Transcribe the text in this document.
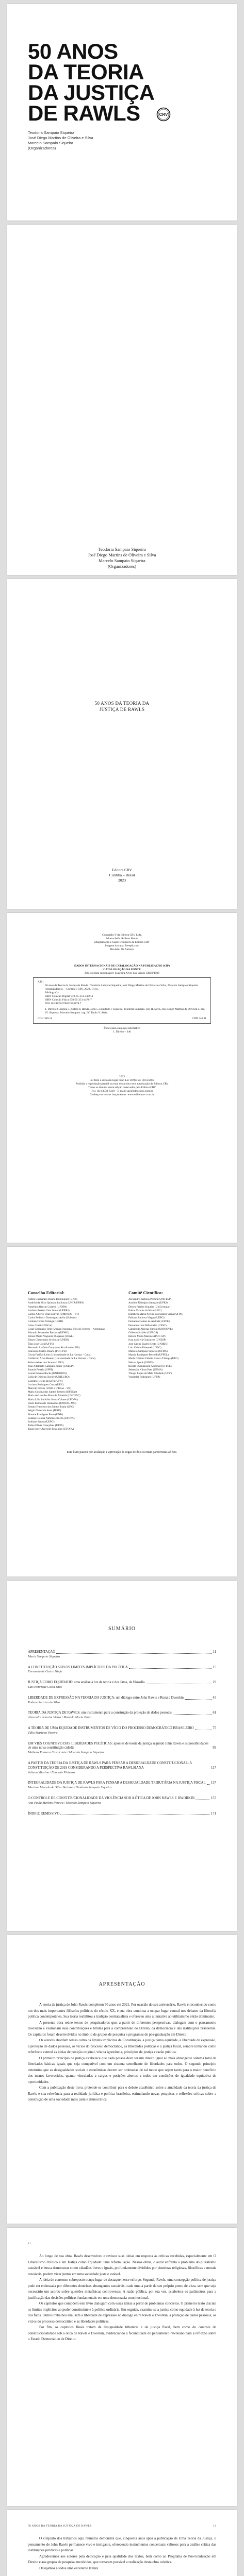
50 ANOS
DA TEORIA
DA JUSTIÇA
DE RAWLS	CRV
Teodoria Sampaio Siqueira
José Diego Martins de Oliveira e Silva
Marcelo Sampaio Siqueira
(Organizadores)
Teodoria Sampaio Siqueira
José Diego Martins de Oliveira e Silva
Marcelo Sampaio Siqueira
(Organizadores)
50 ANOS DA TEORIA DA
JUSTIÇA DE RAWLS
Editora CRV
Curitiba – Brasil
2023
Copyright © da Editora CRV Ltda.
Editor-chefe: Railson Moura
Diagramação e Capa: Designers da Editora CRV
Imagem da capa: Freepik.com
Revisão: Os Autores
DADOS INTERNACIONAIS DE CATALOGAÇÃO NA PUBLICAÇÃO (CIP)
CATALOGAÇÃO NA FONTE
Bibliotecária responsável: Luzenira Alves dos Santos CRB9/1506
A111
50 anos da Teoria da Justiça de Rawls / Teodoria Sampaio Siqueira, José Diego Martins de Oliveira e Silva, Marcelo Sampaio Siqueira (organizadores). – Curitiba : CRV, 2023. 174 p.
Bibliografia
ISBN Coleção Digital 978-65-251-4479-4
ISBN Coleção Física 978-65-251-4478-7
DOI 10.24824/978652514478.7
1. Direito 2. Justiça 3. Justiça 4. Rawls, John 5. Equidade I. Siqueira, Teodoria Sampaio. org. II. Silva, José Diego Martins de Oliveira e. org. III. Siqueira, Marcelo Sampaio. org. IV. Título V. Série.
CDU 340.11	CDD 340.11
Índice para catálogo sistemático
1. Direito – 340
2023
Foi feito o depósito legal conf. Lei 10.994 de 14/12/2004
Proibida a reprodução parcial ou total desta obra sem autorização da Editora CRV
Todos os direitos desta edição reservados pela Editora CRV
Tel.: (41) 3039-6418 – E-mail: sac@editoracrv.com.br
Conheça os nossos lançamentos: www.editoracrv.com.br
Conselho Editorial:
Aldira Guimarães Duarte Domínguez (UNB)
Andréia da Silva Quintanilha Sousa (UNIR/UFRN)
Anselmo Alencar Colares (UFOPA)
Antônio Pereira Gaio Júnior (UFRRJ)
Carlos Alberto Vilar Estêvão (UMINHO – PT)
Carlos Federico Dominguez Avila (Unieuro)
Carmen Tereza Velanga (UNIR)
Celso Conti (UFSCar)
Cesar Gerónimo Tello (Univer. Nacional Três de Febrero – Argentina)
Eduardo Fernandes Barbosa (UFMG)
Elione Maria Nogueira Diogenes (UFAL)
Elizeu Clementino de Souza (UNEB)
Élsio José Corá (UFFS)
Fernando Antônio Gonçalves Alcoforado (IPB)
Francisco Carlos Duarte (PUC-PR)
Gloria Fariñas León (Universidade de La Havana – Cuba)
Guillermo Arias Beatón (Universidade de La Havana – Cuba)
Jailson Alves dos Santos (UFRJ)
João Adalberto Campato Junior (UNESP)
Josania Portela (UFPI)
Leonel Severo Rocha (UNISINOS)
Lídia de Oliveira Xavier (UNIEURO)
Lourdes Helena da Silva (UFV)
Luciano Rodrigues Costa (UFV)
Marcelo Paixão (UFRJ e UTexas – US)
Maria Cristina dos Santos Bezerra (UFSCar)
Maria de Lourdes Pinto de Almeida (UNOESC)
Maria Lília Imbiriba Sousa Colares (UFOPA)
Paulo Romualdo Hernandes (UNIFAL-MG)
Renato Francisco dos Santos Paula (UFG)
Sérgio Nunes de Jesus (IFRO)
Simone Rodrigues Pinto (UNB)
Solange Helena Ximenes-Rocha (UFOPA)
Sydione Santos (UEPG)
Tadeu Oliver Gonçalves (UFPA)
Tania Suely Azevedo Brasileiro (UFOPA)
Comitê Científico:
Alexandre Barbosa Pereira (UNIFESP)
Antônio Ubirajara Sampaio (UFRJ)
Dirceu Pereira Siqueira (UniCesumar)
Edson Vicente da Silva (UFC)
Elizabeth Maria Pereira dos Santos Viana (UFPR)
Fabiana Barbosa Viegas (UEPG)
Fernando Gomes de Andrade (UFPE)
Fernando Luiz Hillesheim (UFSC)
Gabriel de Alencar Simoni (UNINOVE)
Gilberto Schäfer (UFRGS)
Helena Maria Marques (PUC-SP)
Ivan da Silva Gonçalves (UNESP)
José Carlos Soares Bento (UNIRIO)
Luiz Otávio Pimentel (UFSC)
Marcelo Sampaio Siqueira (UFMS)
Marcia Rodrigues Bertoldi (UFPEL)
Maria Cristina Vidotte Blanco Tárrega (UFG)
Nelson Speck (UFMS)
Renata Ovenhausen Albernaz (UFPEL)
Sebastião Nilton Paes (UFMA)
Thiago Lopes de Melo Trindade (UFV)
Vanderlei Rodrigues (UFPR)
Este livro passou por avaliação e aprovação às cegas de dois ou mais pareceristas ad hoc.
SUMÁRIO
APRESENTAÇÃO	11
Maria Sampaio Siqueira
A CONSTITUIÇÃO SOB OS LIMITES IMPLÍCITOS DA POLÍTICA	15
Fernanda de Castro Ninfo
JUSTIÇA COMO EQUIDADE: uma análise à luz da teoria e dos fatos, da filosofia	29
Luis Henrique Costa Dias
LIBERDADE DE EXPRESSÃO NA TEORIA DA JUSTIÇA: um diálogo entre John Rawls e Ronald Dworkin	45
Rudene Saraiva da Silva
TEORIA DA JUSTIÇA DE RAWLS: um instrumento para a construção da proteção de dados pessoais	61
Alexandre Amorim Vieira / Marcela Maria Pinto
A TEORIA DE UMA EQUIDADE INSTRUMENTOS DE VÍCIO DO PROCESSO DEMOCRÁTICO BRASILEIRO	75
Túlio Mariano Pereira
UM VIÉS COGNITIVO DAS LIBERDADES POLÍTICAS: apontes de teoria da justiça segundo John Rawls e as possibilidades de uma nova constituição cidadã	99
Matheus Fonseca Cavalcante / Marcelo Sampaio Siqueira
A PARTIR DA TEORIA DA JUSTIÇA DE RAWLS PARA PENSAR A DESIGUALDADE CONSTITUCIONAL: A CONSTITUIÇÃO DE 2019 CONSIDERANDO A PERSPECTIVA RAWLSIANA	117
Juliana Vitorino / Eduardo Pinheiro
INTEGRALIDADE DA JUSTIÇA DE RAWLS PARA PENSAR A DESIGUALDADE TRIBUTÁRIA NA JUSTIÇA FISCAL 137
Mariane Macedo da Silva Barbosa / Teodoria Sampaio Siqueira
O CONTROLE DE CONSTITUCIONALIDADE DA VIOLÊNCIA SOB A ÓTICA DE JOHN RAWLS E DWORKIN	157
Ana Paula Martins Pereira / Marcelo Sampaio Siqueira
ÍNDICE REMISSIVO	171
APRESENTAÇÃO

A teoria da justiça de John Rawls completou 50 anos em 2021. Por ocasião do seu aniversário, Rawls é reconhecido como um dos mais importantes filósofos políticos do século XX, e sua obra continua a ocupar lugar central nos debates da filosofia política contemporânea. Sua teoria reabilitou a tradição contratualista e ofereceu uma alternativa ao utilitarismo então dominante.

A presente obra reúne textos de pesquisadores que, a partir de diferentes perspectivas, dialogam com o pensamento rawlsiano e examinam suas contribuições e limites para a compreensão do Direito, da democracia e das instituições brasileiras. Os capítulos foram desenvolvidos no âmbito de grupos de pesquisa e programas de pós-graduação em Direito.

Os autores abordam temas como os limites implícitos da Constituição, a justiça como equidade, a liberdade de expressão, a proteção de dados pessoais, os vícios do processo democrático, as liberdades políticas e a justiça fiscal, sempre tomando como referência central as ideias de posição original, véu da ignorância, princípios de justiça e razão pública.

O primeiro princípio de justiça estabelece que cada pessoa deve ter um direito igual ao mais abrangente sistema total de liberdades básicas iguais que seja compatível com um sistema semelhante de liberdades para todos. O segundo princípio determina que as desigualdades sociais e econômicas devem ser ordenadas de tal modo que sejam tanto para o maior benefício dos menos favorecidos, quanto vinculadas a cargos e posições abertos a todos em condições de igualdade equitativa de oportunidades.

Com a publicação deste livro, pretende-se contribuir para o debate acadêmico sobre a atualidade da teoria da justiça de Rawls e sua relevância para a realidade jurídica e política brasileira, estimulando novas pesquisas e reflexões críticas sobre a construção de uma sociedade mais justa e democrática.

11

Ao longo de sua obra, Rawls desenvolveu e revisou suas ideias em resposta às críticas recebidas, especialmente em O Liberalismo Político e em Justiça como Equidade: uma reformulação. Nessas obras, o autor enfrenta o problema do pluralismo razoável e busca demonstrar como cidadãos livres e iguais, profundamente divididos por doutrinas religiosas, filosóficas e morais razoáveis, podem viver juntos em uma sociedade justa e estável.

A ideia de consenso sobreposto ocupa lugar de destaque nesse esforço. Segundo Rawls, uma concepção política de justiça pode ser endossada por diferentes doutrinas abrangentes razoáveis, cada uma a partir de seu próprio ponto de vista, sem que seja necessário um acordo sobre questões metafísicas controversas. A razão pública, por sua vez, estabelece os parâmetros para a justificação das decisões políticas fundamentais em uma democracia constitucional.

Os capítulos que compõem este livro dialogam com essas ideias a partir de problemas concretos. O primeiro texto discute os limites implícitos ao poder constituinte e à política ordinária. Em seguida, examina-se a justiça como equidade à luz da teoria e dos fatos. Outros trabalhos analisam a liberdade de expressão no diálogo entre Rawls e Dworkin, a proteção de dados pessoais, os vícios do processo democrático e as liberdades políticas.

Por fim, os capítulos finais tratam da desigualdade tributária e da justiça fiscal, bem como do controle de constitucionalidade sob a ótica de Rawls e Dworkin, evidenciando a fecundidade do pensamento rawlsiano para a reflexão sobre o Estado Democrático de Direito.

50 ANOS DA TEORIA DA JUSTIÇA DE RAWLS	13

O conjunto dos trabalhos aqui reunidos demonstra que, cinquenta anos após a publicação de Uma Teoria da Justiça, o pensamento de John Rawls permanece vivo e instigante, oferecendo instrumentos conceituais valiosos para a análise crítica das instituições jurídicas e políticas.

Agradecemos aos autores pela dedicação e pela qualidade dos textos, bem como ao Programa de Pós-Graduação em Direito e aos grupos de pesquisa envolvidos, que tornaram possível a realização desta obra coletiva.

Desejamos a todos uma excelente leitura.
